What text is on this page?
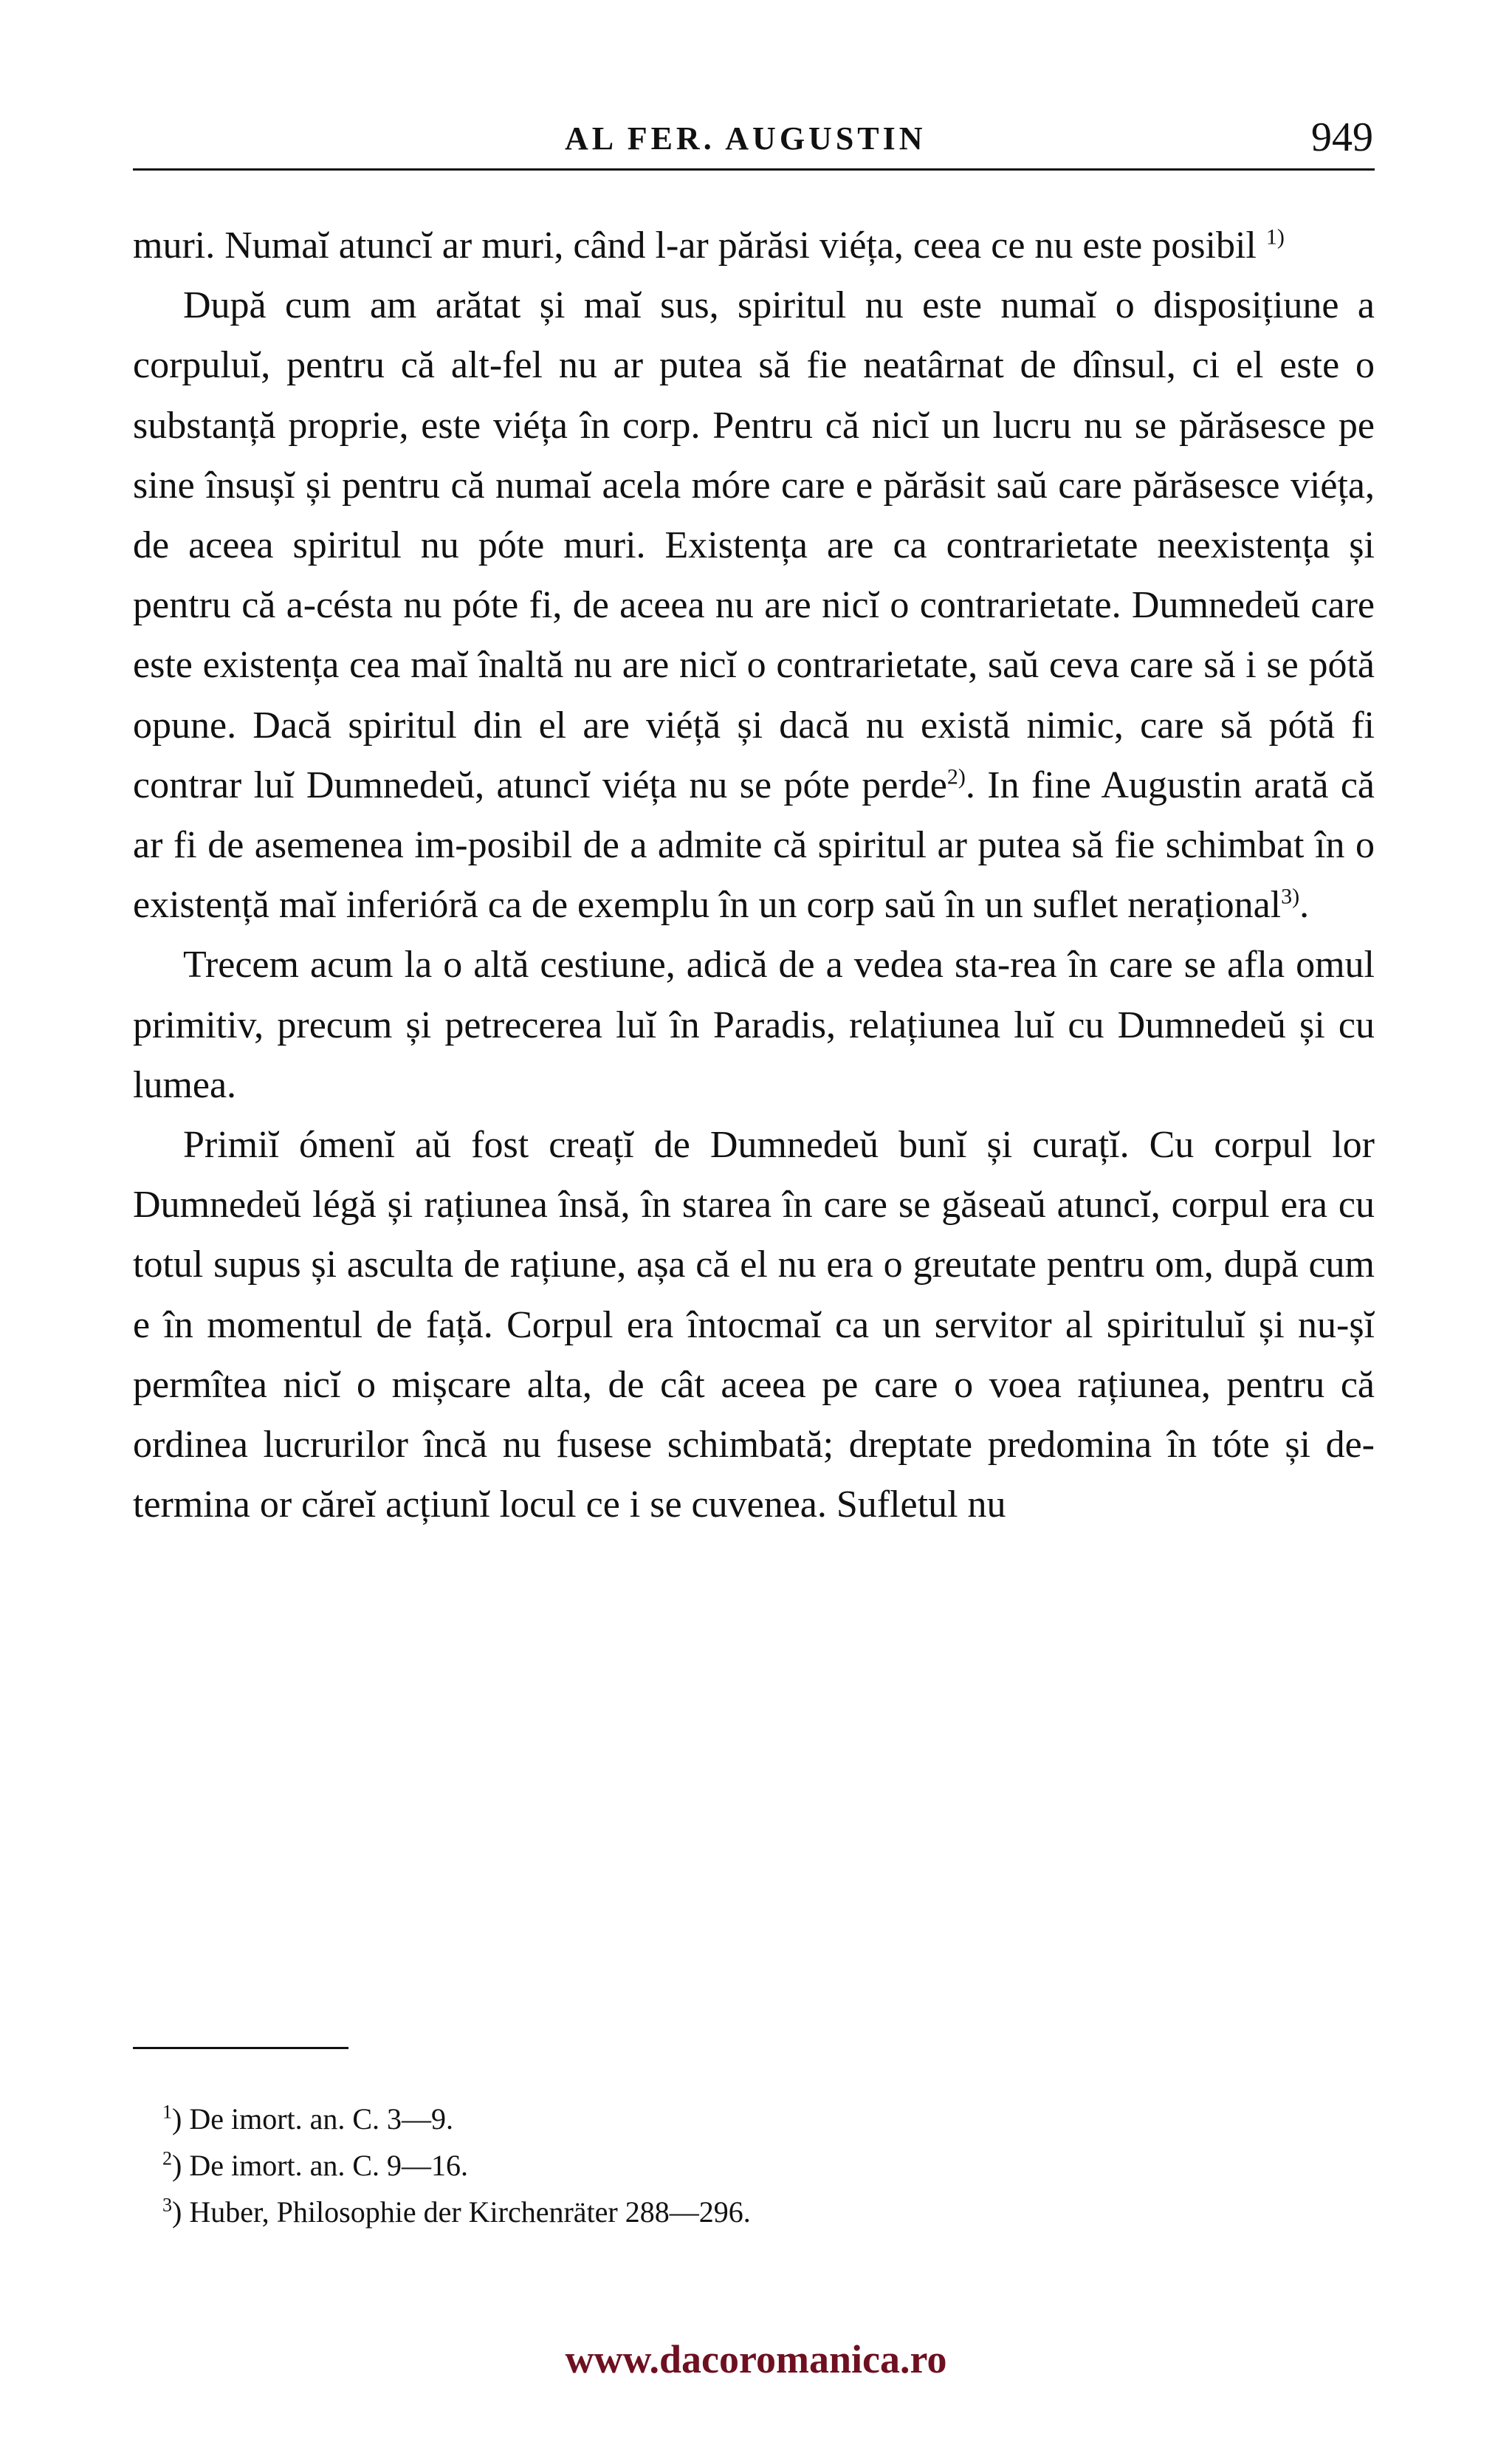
AL FER. AUGUSTIN	949

muri. Numaĭ atuncĭ ar muri, când l-ar părăsi viéța, ceea ce nu este posibil $^{1)}$

După cum am arătat și maĭ sus, spiritul nu este numaĭ o disposițiune a corpuluĭ, pentru că alt-fel nu ar putea să fie neatârnat de dînsul, ci el este o substanță proprie, este viéța în corp. Pentru că nicĭ un lucru nu se părăsesce pe sine însușĭ și pentru că numaĭ acela móre care e părăsit saŭ care părăsesce viéța, de aceea spiritul nu póte muri. Existența are ca contrarietate neexistența și pentru că a-césta nu póte fi, de aceea nu are nicĭ o contrarietate. Dumnedeŭ care este existența cea maĭ înaltă nu are nicĭ o contrarietate, saŭ ceva care să i se pótă opune. Dacă spiritul din el are viéță și dacă nu există nimic, care să pótă fi contrar luĭ Dumnedeŭ, atuncĭ viéța nu se póte perde$^{2)}$. In fine Augustin arată că ar fi de asemenea im-posibil de a admite că spiritul ar putea să fie schimbat în o existență maĭ inferióră ca de exemplu în un corp saŭ în un suflet nerațional$^{3)}$.

Trecem acum la o altă cestiune, adică de a vedea sta-rea în care se afla omul primitiv, precum și petrecerea luĭ în Paradis, relațiunea luĭ cu Dumnedeŭ și cu lumea.

Primiĭ ómenĭ aŭ fost creațĭ de Dumnedeŭ bunĭ și curațĭ. Cu corpul lor Dumnedeŭ légă și rațiunea însă, în starea în care se găseaŭ atuncĭ, corpul era cu totul supus și asculta de rațiune, așa că el nu era o greutate pentru om, după cum e în momentul de față. Corpul era întocmaĭ ca un servitor al spirituluĭ și nu-șĭ permîtea nicĭ o mișcare alta, de cât aceea pe care o voea rațiunea, pentru că ordinea lucrurilor încă nu fusese schimbată; dreptate predomina în tóte și de-termina or căreĭ acțiunĭ locul ce i se cuvenea. Sufletul nu

$^1$) De imort. an. C. 3—9.
$^2$) De imort. an. C. 9—16.
$^3$) Huber, Philosophie der Kirchenräter 288—296.
www.dacoromanica.ro
